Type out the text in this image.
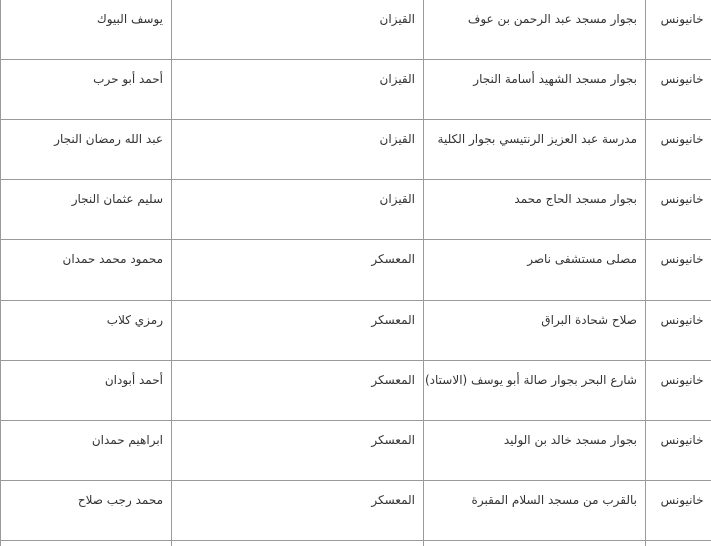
خانيونس	بجوار مسجد عبد الرحمن بن عوف	القيزان	يوسف البيوك

خانيونس	بجوار مسجد الشهيد أسامة النجار	القيزان	أحمد أبو حرب

خانيونس	مدرسة عبد العزيز الرنتيسي بجوار الكلية	القيزان	عبد الله رمضان النجار

خانيونس	بجوار مسجد الحاج محمد	القيزان	سليم عثمان النجار

خانيونس	مصلى مستشفى ناصر	المعسكر	محمود محمد حمدان

خانيونس	صلاح شحادة البراق	المعسكر	رمزي كلاب

خانيونس	شارع البحر بجوار صالة أبو يوسف (الاستاد)	المعسكر	أحمد أبودان

خانيونس	بجوار مسجد خالد بن الوليد	المعسكر	ابراهيم حمدان

خانيونس	بالقرب من مسجد السلام المقبرة	المعسكر	محمد رجب صلاح
